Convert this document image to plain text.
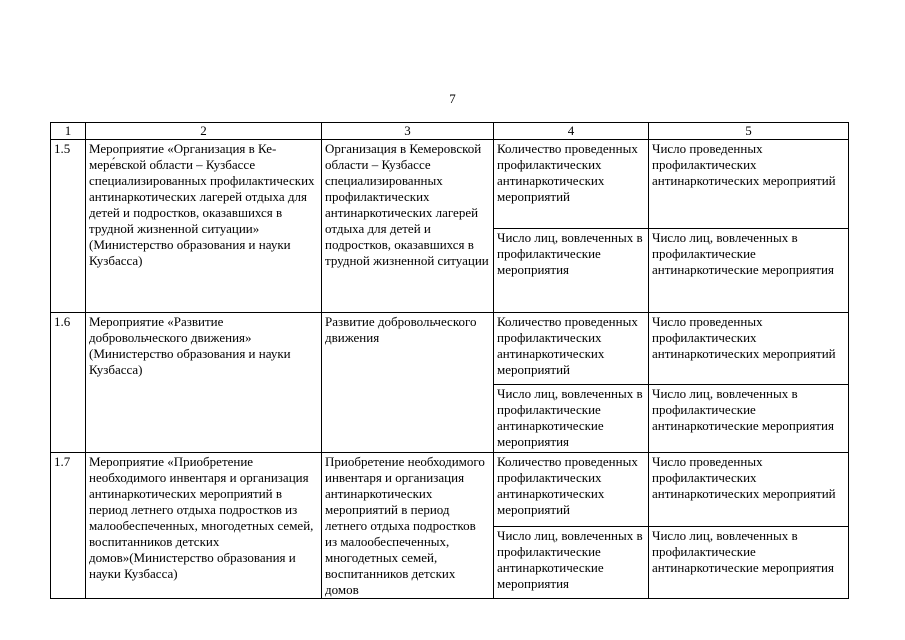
7
1	2	3	4	5
1.5	Мероприятие «Организация в Ке-мере́вской области – Кузбассе специализированных профилактических антинаркотических лагерей отдыха для детей и подростков, оказавшихся в трудной жизненной ситуации» (Министерство образования и науки Кузбасса)	Организация в Кемеровской области – Кузбассе специализированных профилактических антинаркотических лагерей отдыха для детей и подростков, оказавшихся в трудной жизненной ситуации	Количество проведенных профилактических антинаркотических мероприятий	Число проведенных профилактических антинаркотических мероприятий
			Число лиц, вовлеченных в профилактические мероприятия	Число лиц, вовлеченных в профилактические антинаркотические мероприятия
1.6	Мероприятие «Развитие добровольческого движения» (Министерство образования и науки Кузбасса)	Развитие добровольческого движения	Количество проведенных профилактических антинаркотических мероприятий	Число проведенных профилактических антинаркотических мероприятий
			Число лиц, вовлеченных в профилактические антинаркотические мероприятия	Число лиц, вовлеченных в профилактические антинаркотические мероприятия
1.7	Мероприятие «Приобретение необходимого инвентаря и организация антинаркотических мероприятий в период летнего отдыха подростков из малообеспеченных, многодетных семей, воспитанников детских домов»(Министерство образования и науки Кузбасса)	Приобретение необходимого инвентаря и организация антинаркотических мероприятий в период летнего отдыха подростков из малообеспеченных, многодетных семей, воспитанников детских домов	Количество проведенных профилактических антинаркотических мероприятий	Число проведенных профилактических антинаркотических мероприятий
			Число лиц, вовлеченных в профилактические антинаркотические мероприятия	Число лиц, вовлеченных в профилактические антинаркотические мероприятия
